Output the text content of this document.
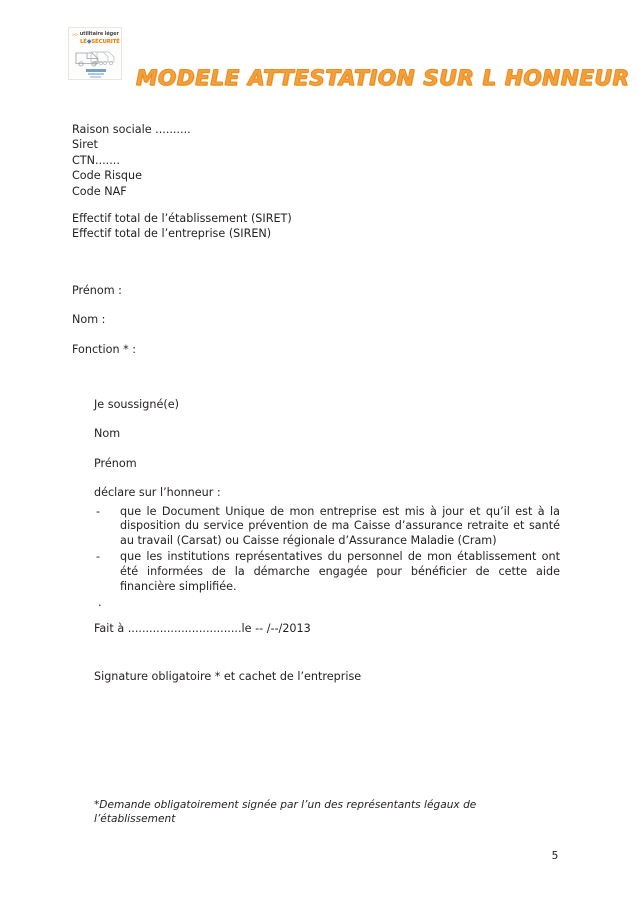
>> utilitaire léger
LÉ◆SÉCURITÉ
MODELE ATTESTATION SUR L HONNEUR
Raison sociale ..........
Siret
CTN.......
Code Risque
Code NAF
Effectif total de l’établissement (SIRET)
Effectif total de l’entreprise (SIREN)
Prénom :
Nom :
Fonction * :
Je soussigné(e)
Nom
Prénom
déclare sur l’honneur :
- que le Document Unique de mon entreprise est mis à jour et qu’il est à la disposition du service prévention de ma Caisse d’assurance retraite et santé au travail (Carsat) ou Caisse régionale d’Assurance Maladie (Cram)
- que les institutions représentatives du personnel de mon établissement ont été informées de la démarche engagée pour bénéficier de cette aide financière simplifiée.
.
Fait à ................................le -- /--/2013
Signature obligatoire * et cachet de l’entreprise
*Demande obligatoirement signée par l’un des représentants légaux de l’établissement
5
